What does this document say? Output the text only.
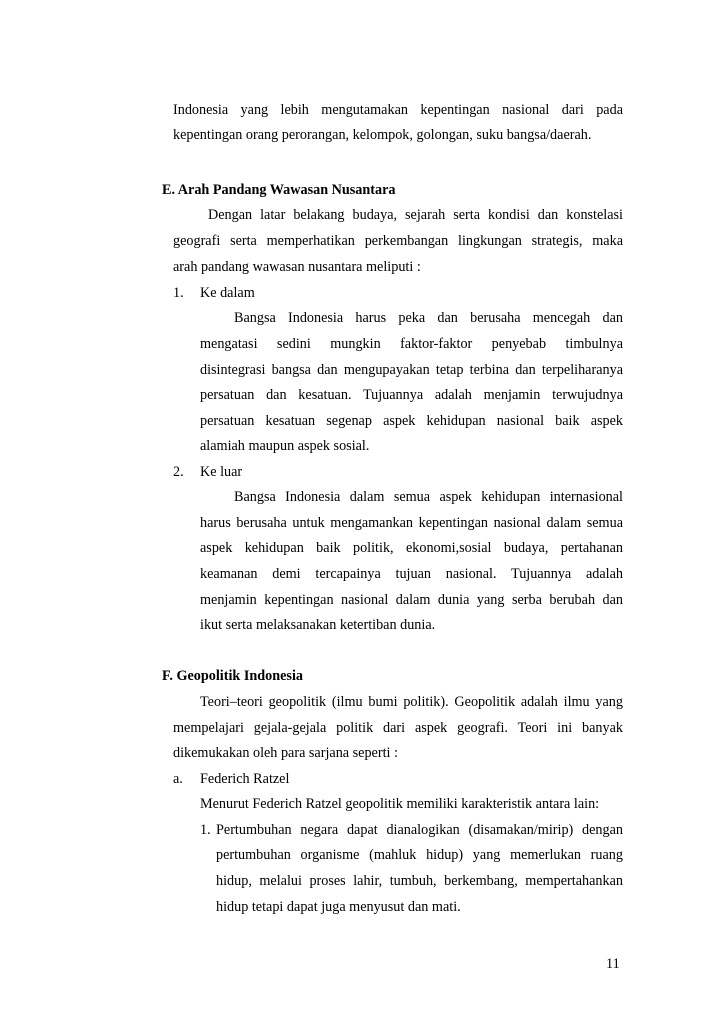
Indonesia yang lebih mengutamakan kepentingan nasional dari pada
kepentingan orang perorangan, kelompok, golongan, suku bangsa/daerah.
E. Arah Pandang Wawasan Nusantara
Dengan latar belakang budaya, sejarah serta kondisi dan konstelasi
geografi serta memperhatikan perkembangan lingkungan strategis, maka
arah pandang wawasan nusantara meliputi :
1. Ke dalam
Bangsa Indonesia harus peka dan berusaha mencegah dan
mengatasi sedini mungkin faktor-faktor penyebab timbulnya
disintegrasi bangsa dan mengupayakan tetap terbina dan terpeliharanya
persatuan dan kesatuan. Tujuannya adalah menjamin terwujudnya
persatuan kesatuan segenap aspek kehidupan nasional baik aspek
alamiah maupun aspek sosial.
2. Ke luar
Bangsa Indonesia dalam semua aspek kehidupan internasional
harus berusaha untuk mengamankan kepentingan nasional dalam semua
aspek kehidupan baik politik, ekonomi,sosial budaya, pertahanan
keamanan demi tercapainya tujuan nasional. Tujuannya adalah
menjamin kepentingan nasional dalam dunia yang serba berubah dan
ikut serta melaksanakan ketertiban dunia.
F. Geopolitik Indonesia
Teori–teori geopolitik (ilmu bumi politik). Geopolitik adalah ilmu yang
mempelajari gejala-gejala politik dari aspek geografi. Teori ini banyak
dikemukakan oleh para sarjana seperti :
a. Federich Ratzel
Menurut Federich Ratzel geopolitik memiliki karakteristik antara lain:
1. Pertumbuhan negara dapat dianalogikan (disamakan/mirip) dengan
pertumbuhan organisme (mahluk hidup) yang memerlukan ruang
hidup, melalui proses lahir, tumbuh, berkembang, mempertahankan
hidup tetapi dapat juga menyusut dan mati.
11
